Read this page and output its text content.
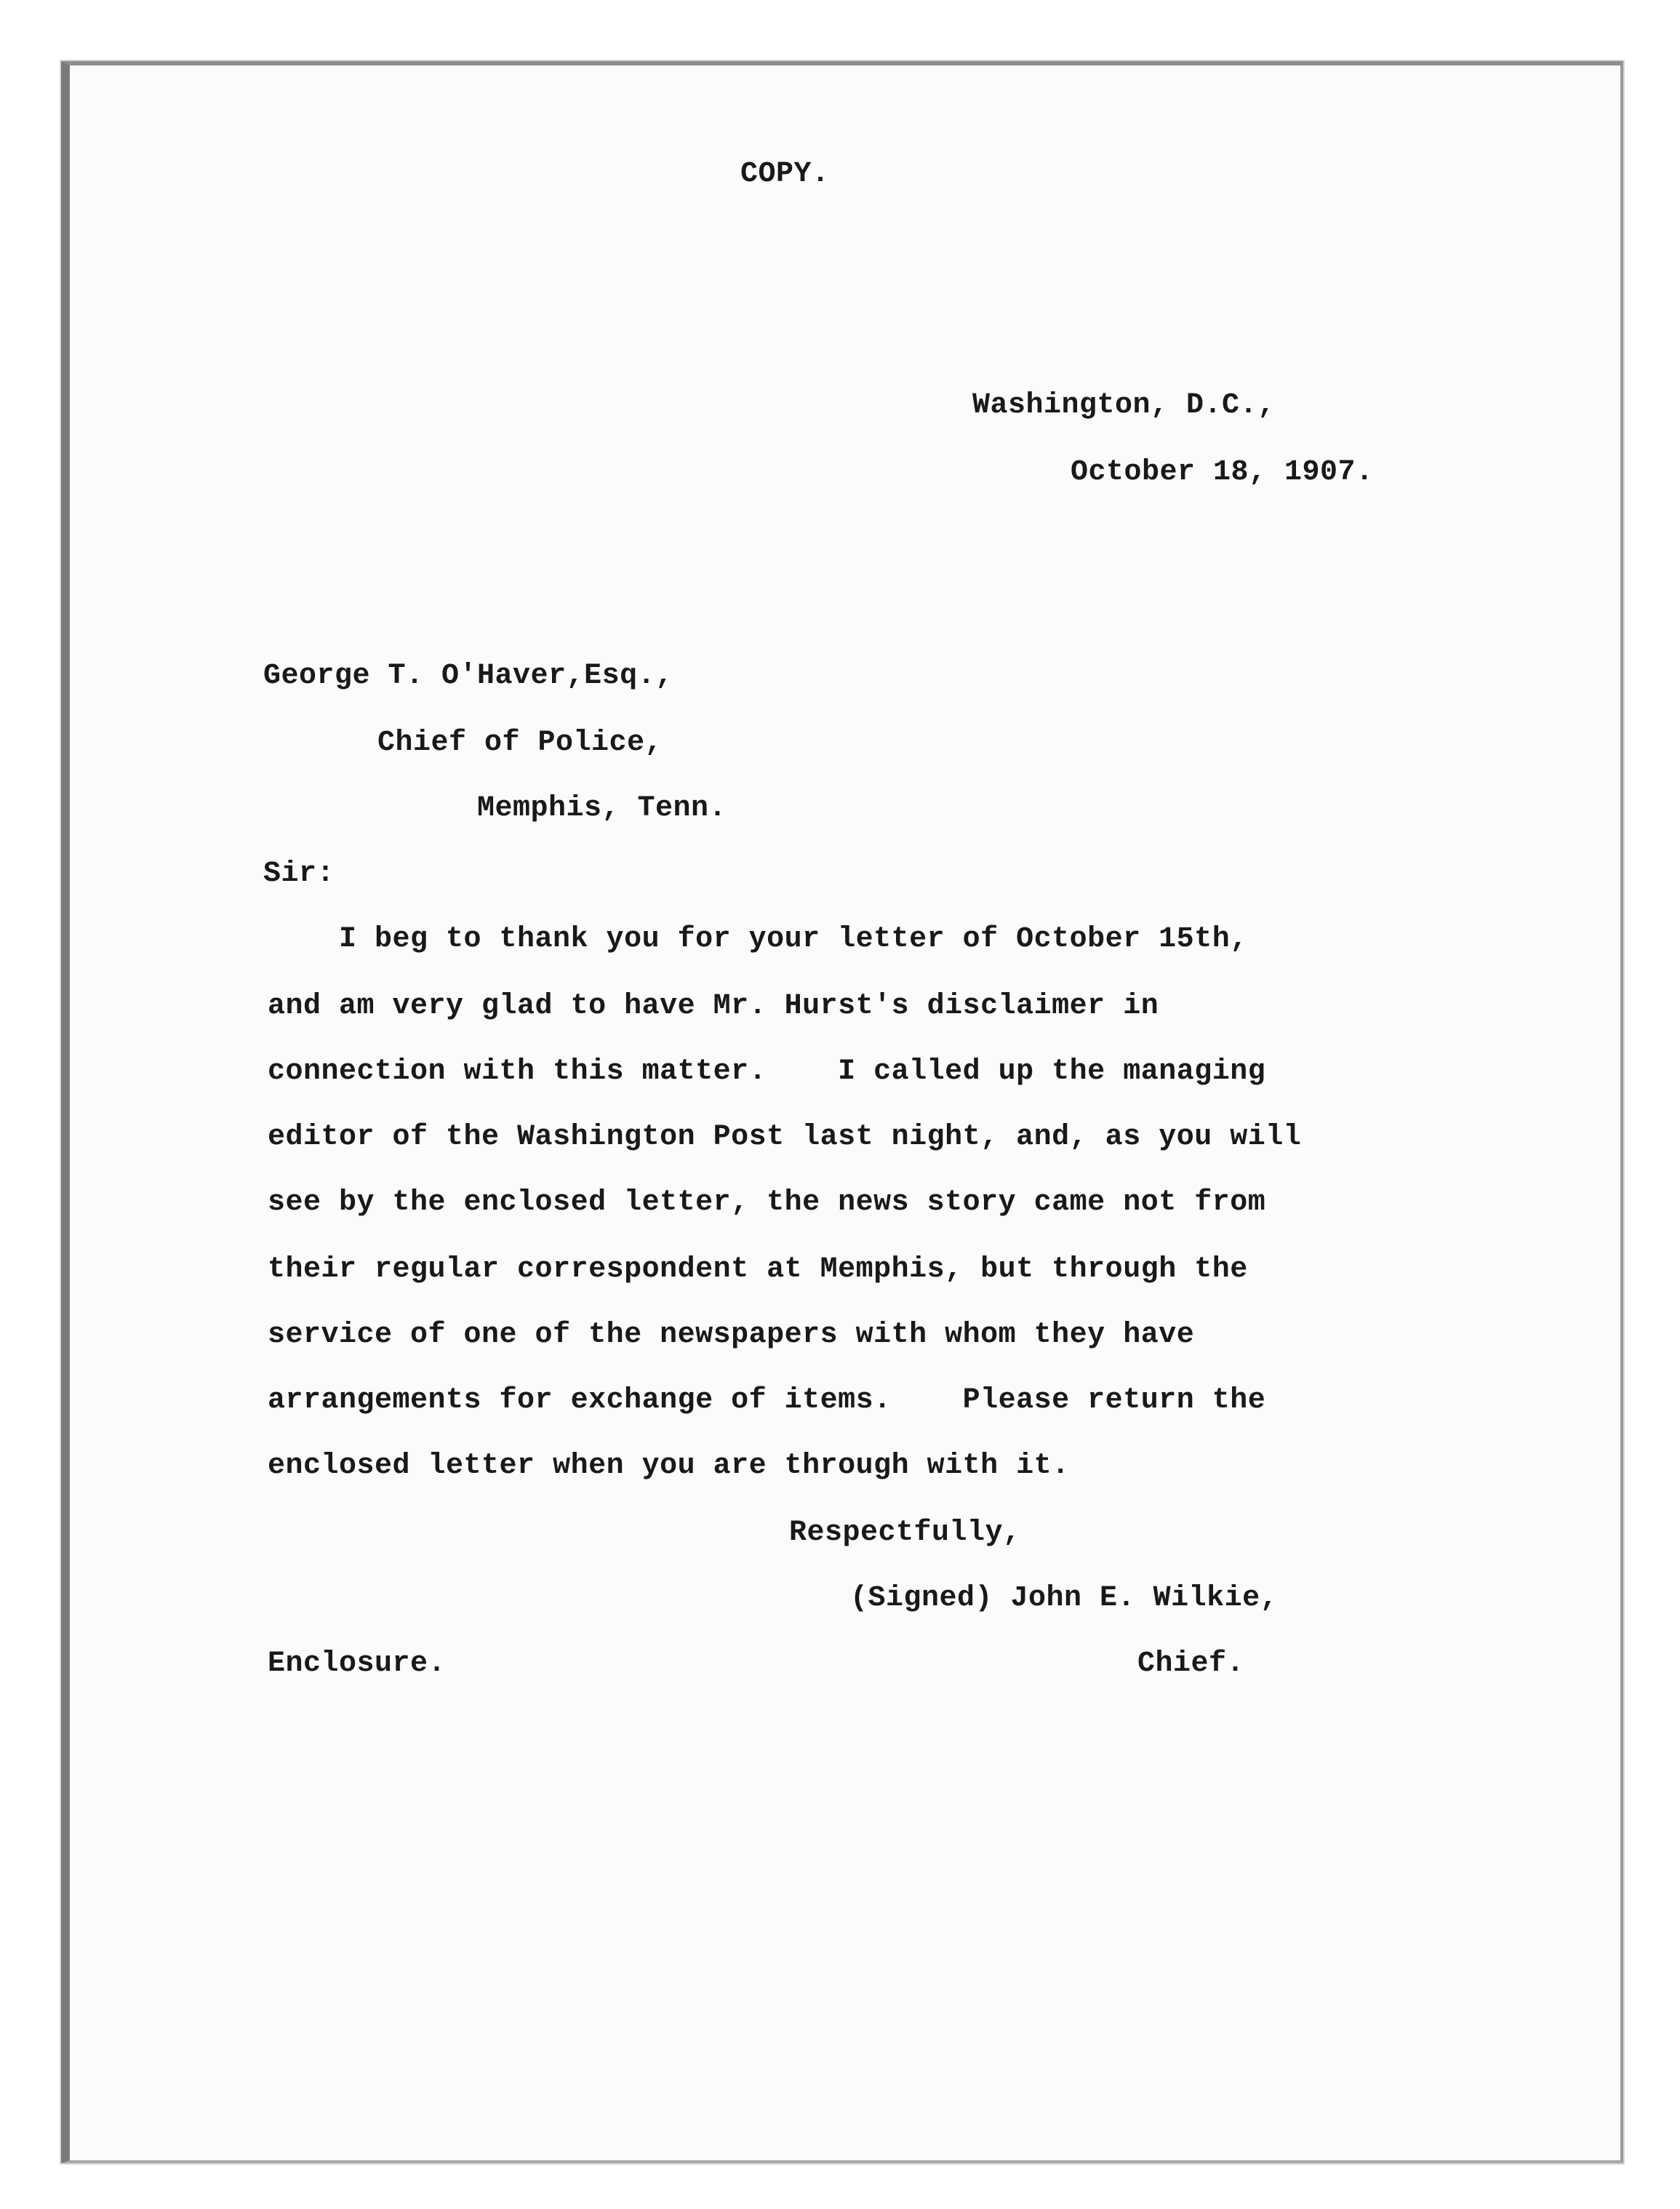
COPY.

Washington, D.C.,

October 18, 1907.

George T. O'Haver,Esq.,

Chief of Police,

Memphis, Tenn.

Sir:

I beg to thank you for your letter of October 15th,

and am very glad to have Mr. Hurst's disclaimer in

connection with this matter.    I called up the managing

editor of the Washington Post last night, and, as you will

see by the enclosed letter, the news story came not from

their regular correspondent at Memphis, but through the

service of one of the newspapers with whom they have

arrangements for exchange of items.    Please return the

enclosed letter when you are through with it.

Respectfully,

(Signed) John E. Wilkie,

Enclosure.	Chief.
